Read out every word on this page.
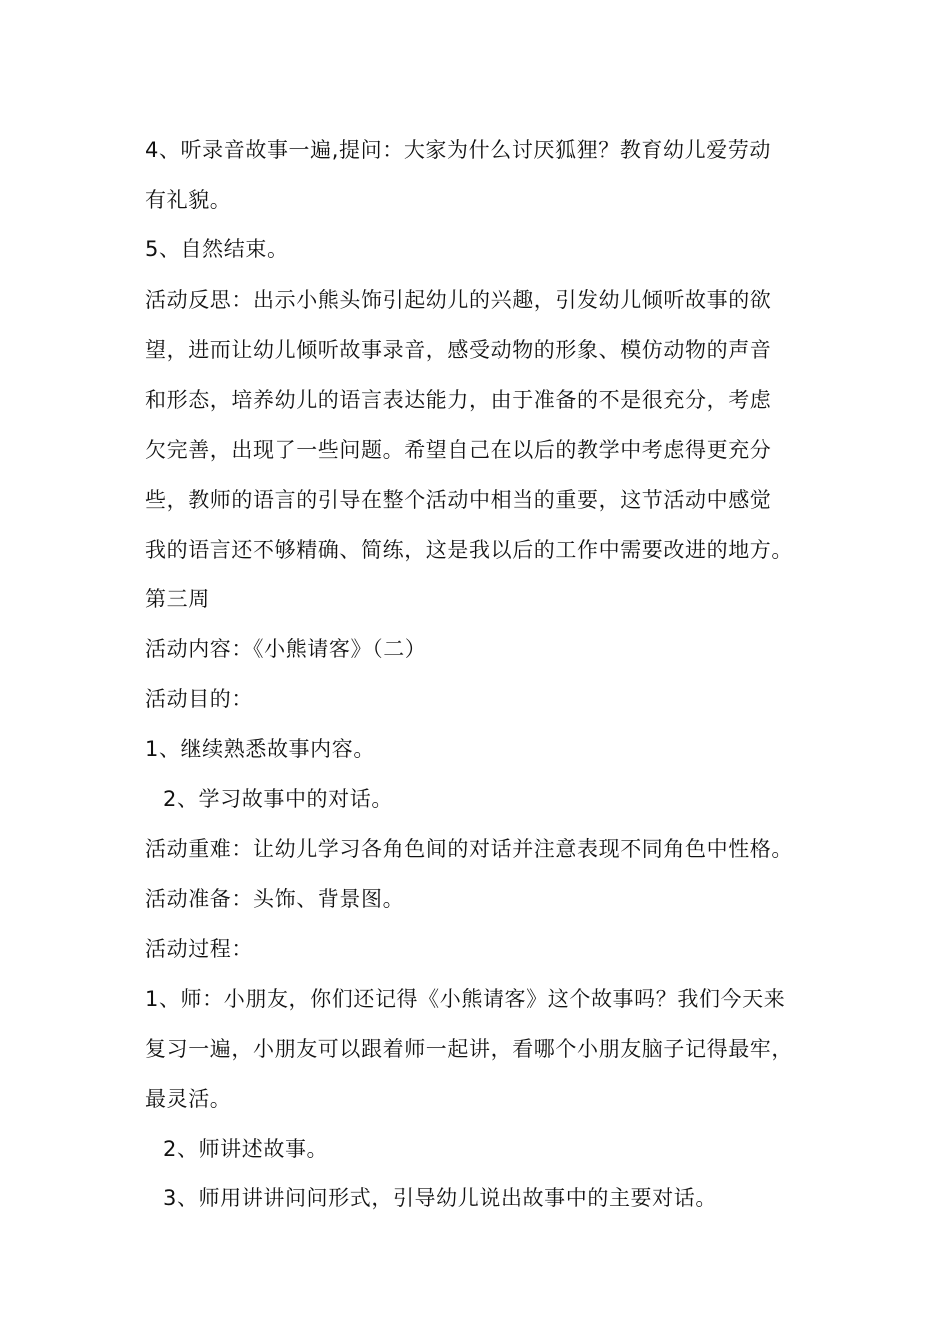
4、听录音故事一遍,提问：大家为什么讨厌狐狸？教育幼儿爱劳动
有礼貌。
5、自然结束。
活动反思：出示小熊头饰引起幼儿的兴趣，引发幼儿倾听故事的欲
望，进而让幼儿倾听故事录音，感受动物的形象、模仿动物的声音
和形态，培养幼儿的语言表达能力，由于准备的不是很充分，考虑
欠完善，出现了一些问题。希望自己在以后的教学中考虑得更充分
些，教师的语言的引导在整个活动中相当的重要，这节活动中感觉
我的语言还不够精确、简练，这是我以后的工作中需要改进的地方。
第三周
活动内容：《小熊请客》（二）
活动目的：
1、继续熟悉故事内容。
2、学习故事中的对话。
活动重难：让幼儿学习各角色间的对话并注意表现不同角色中性格。
活动准备：头饰、背景图。
活动过程：
1、师：小朋友，你们还记得《小熊请客》这个故事吗？我们今天来
复习一遍，小朋友可以跟着师一起讲，看哪个小朋友脑子记得最牢，
最灵活。
2、师讲述故事。
3、师用讲讲问问形式，引导幼儿说出故事中的主要对话。
